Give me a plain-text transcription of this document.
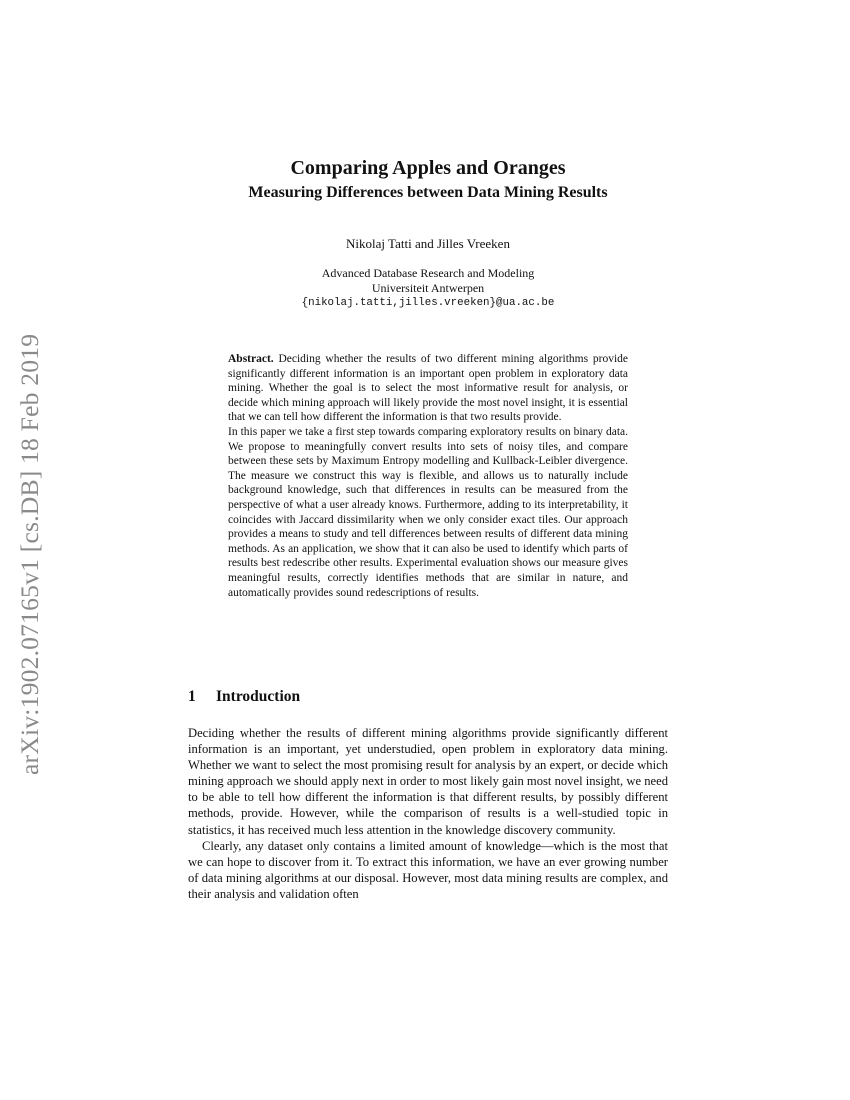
arXiv:1902.07165v1 [cs.DB] 18 Feb 2019
Comparing Apples and Oranges
Measuring Differences between Data Mining Results
Nikolaj Tatti and Jilles Vreeken
Advanced Database Research and Modeling
Universiteit Antwerpen
{nikolaj.tatti,jilles.vreeken}@ua.ac.be

Abstract. Deciding whether the results of two different mining algorithms provide significantly different information is an important open problem in exploratory data mining. Whether the goal is to select the most informative result for analysis, or decide which mining approach will likely provide the most novel insight, it is essential that we can tell how different the information is that two results provide.

In this paper we take a first step towards comparing exploratory results on binary data. We propose to meaningfully convert results into sets of noisy tiles, and compare between these sets by Maximum Entropy modelling and Kullback-Leibler divergence. The measure we construct this way is flexible, and allows us to naturally include background knowledge, such that differences in results can be measured from the perspective of what a user already knows. Furthermore, adding to its interpretability, it coincides with Jaccard dissimilarity when we only consider exact tiles. Our approach provides a means to study and tell differences between results of different data mining methods. As an application, we show that it can also be used to identify which parts of results best redescribe other results. Experimental evaluation shows our measure gives meaningful results, correctly identifies methods that are similar in nature, and automatically provides sound redescriptions of results.

1 Introduction

Deciding whether the results of different mining algorithms provide significantly different information is an important, yet understudied, open problem in exploratory data mining. Whether we want to select the most promising result for analysis by an expert, or decide which mining approach we should apply next in order to most likely gain most novel insight, we need to be able to tell how different the information is that different results, by possibly different methods, provide. However, while the comparison of results is a well-studied topic in statistics, it has received much less attention in the knowledge discovery community.

Clearly, any dataset only contains a limited amount of knowledge—which is the most that we can hope to discover from it. To extract this information, we have an ever growing number of data mining algorithms at our disposal. However, most data mining results are complex, and their analysis and validation often
